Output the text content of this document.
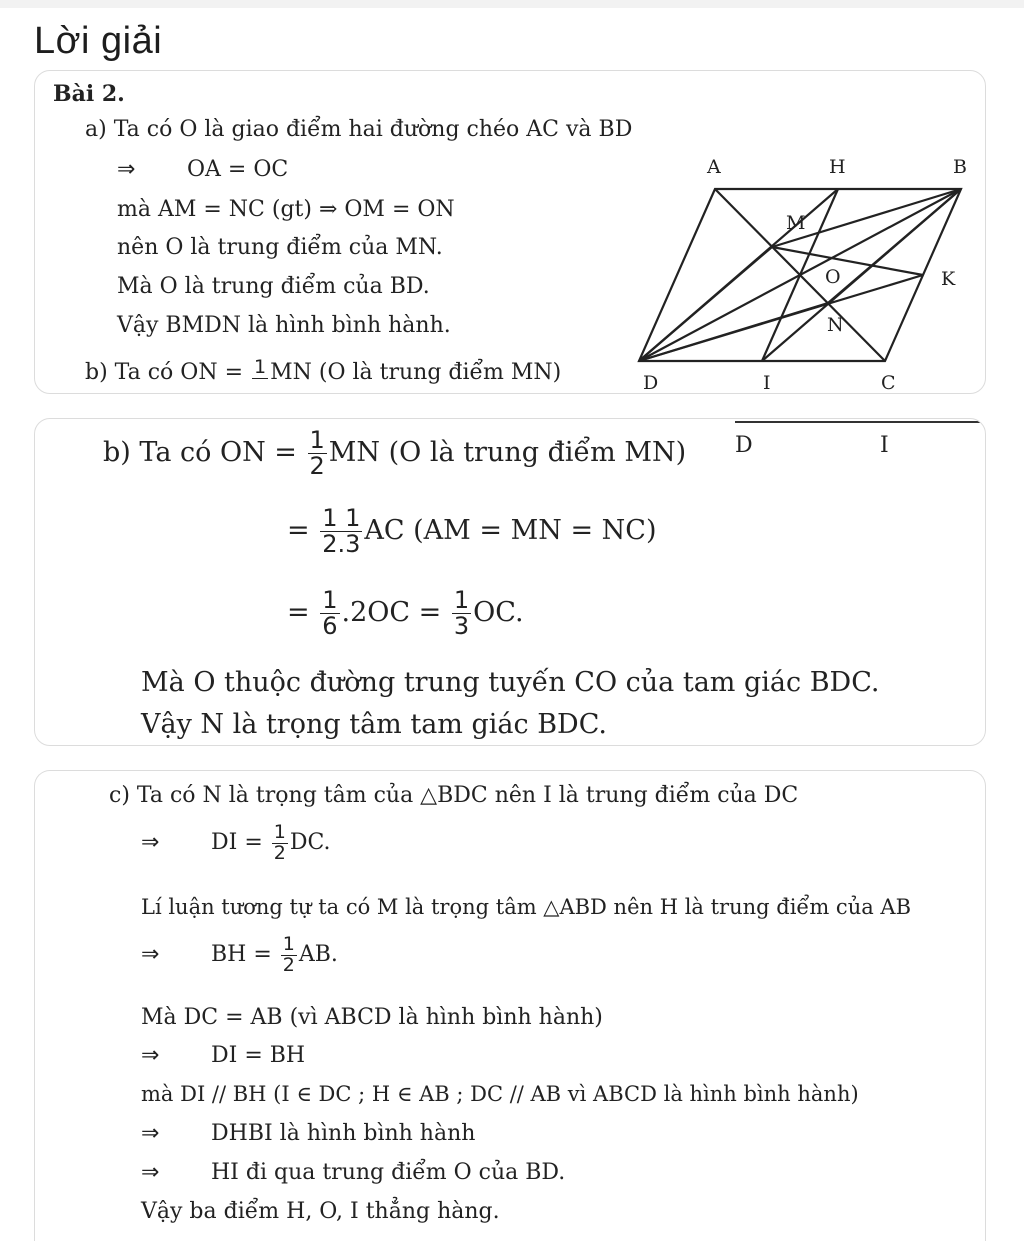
Lời giải
Bài 2.
a) Ta có O là giao điểm hai đường chéo AC và BD
⇒ OA = OC
mà AM = NC (gt) ⇒ OM = ON
nên O là trung điểm của MN.
Mà O là trung điểm của BD.
Vậy BMDN là hình bình hành.
b) Ta có ON = 1 MN (O là trung điểm MN)
A	H	B
M
O	K
N
D	I	C
D	I
b) Ta có ON = $\frac{1}{2}$ MN (O là trung điểm MN)
= $\frac{1 1}{2.3}$ AC (AM = MN = NC)
= $\frac{1}{6} .2OC = \frac{1}{3}$ OC.
Mà O thuộc đường trung tuyến CO của tam giác BDC.
Vậy N là trọng tâm tam giác BDC.
c) Ta có N là trọng tâm của △BDC nên I là trung điểm của DC
⇒ DI = $\frac{1}{2}$ DC.
Lí luận tương tự ta có M là trọng tâm △ABD nên H là trung điểm của AB
⇒ BH = $\frac{1}{2}$ AB.
Mà DC = AB (vì ABCD là hình bình hành)
⇒ DI = BH
mà DI // BH (I ∈ DC ; H ∈ AB ; DC // AB vì ABCD là hình bình hành)
⇒ DHBI là hình bình hành
⇒ HI đi qua trung điểm O của BD.
Vậy ba điểm H, O, I thẳng hàng.
